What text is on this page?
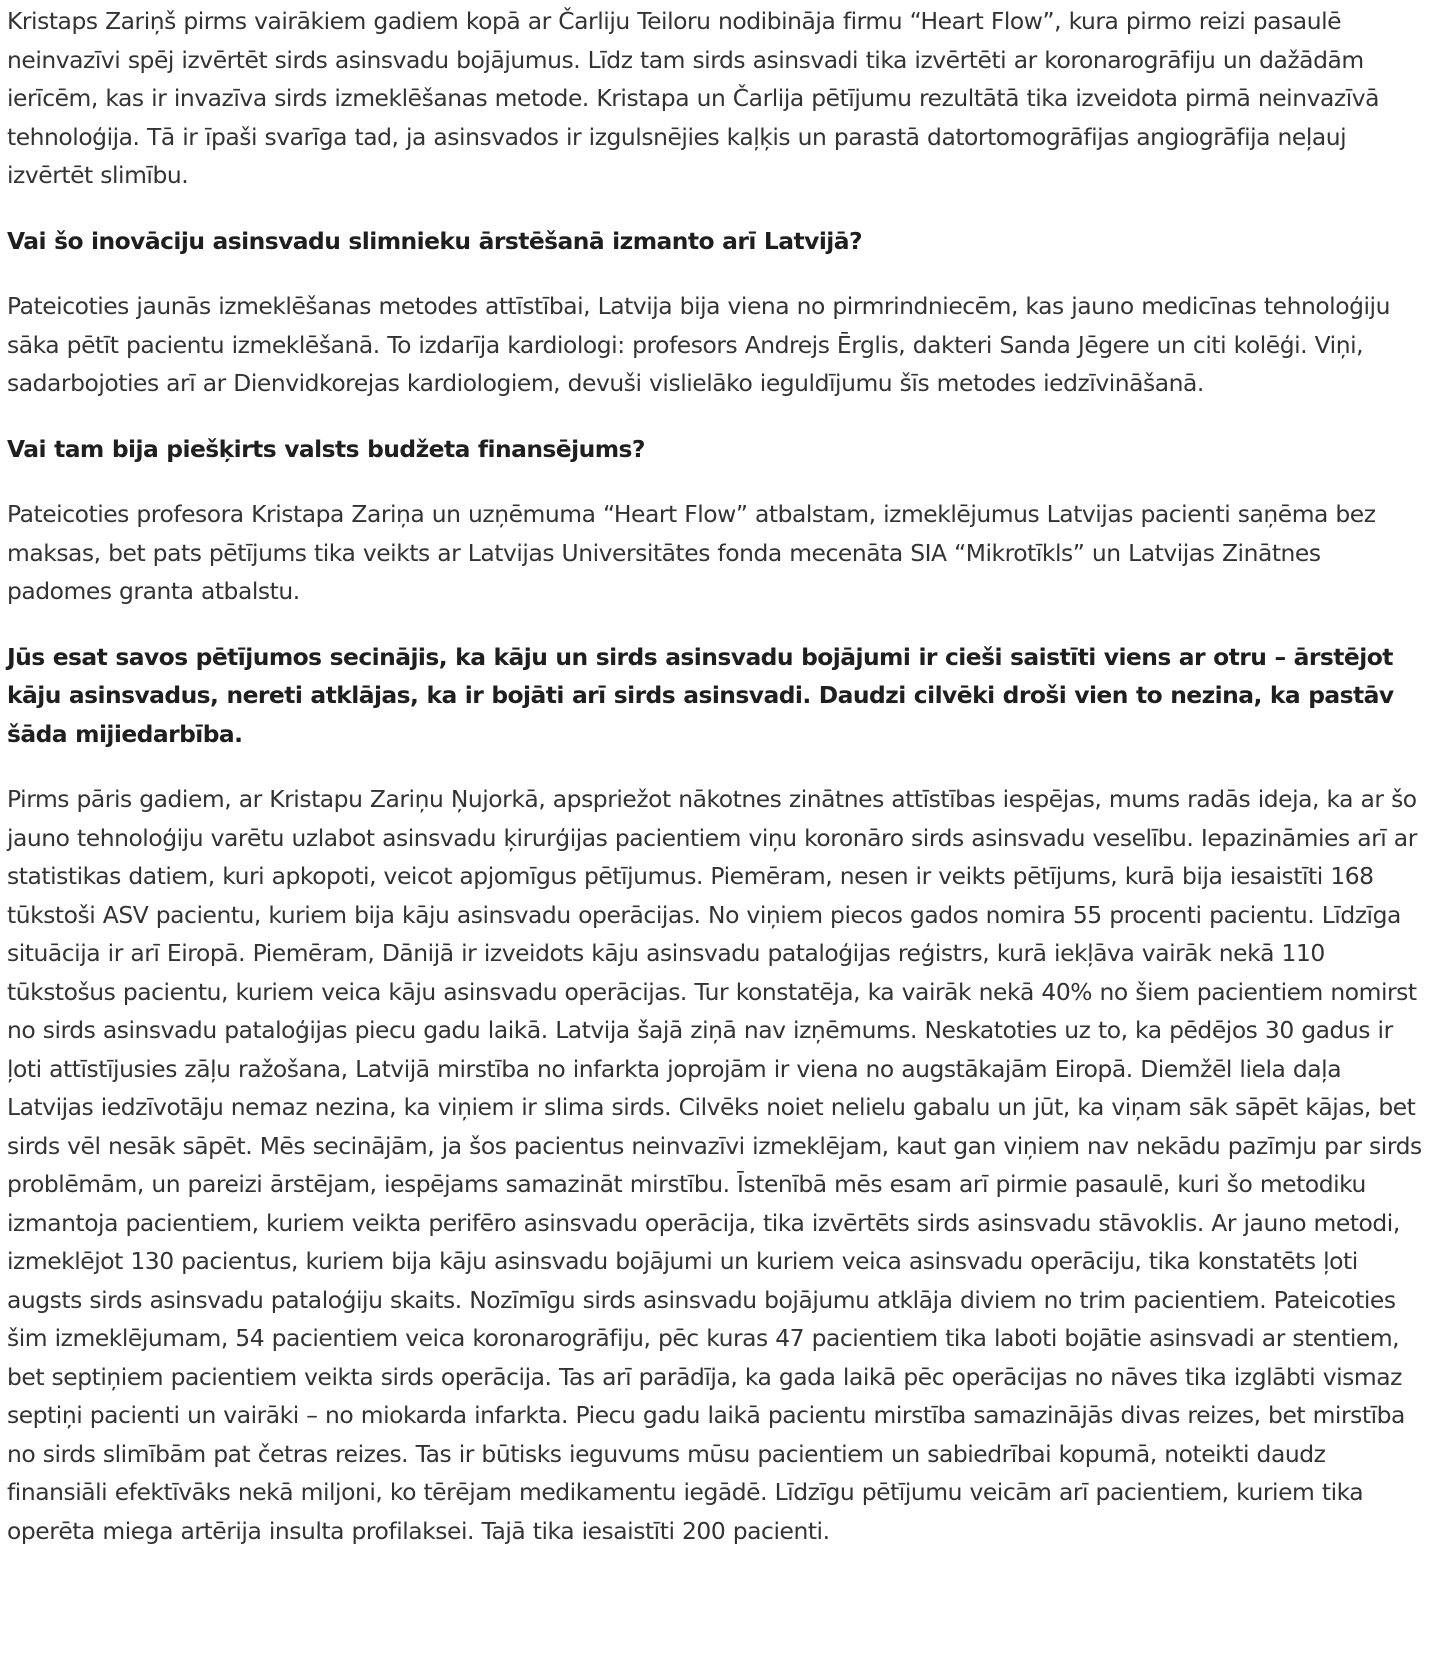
Kristaps Zariņš pirms vairākiem gadiem kopā ar Čarliju Teiloru nodibināja firmu “Heart Flow”, kura pirmo reizi pasaulē neinvazīvi spēj izvērtēt sirds asinsvadu bojājumus. Līdz tam sirds asinsvadi tika izvērtēti ar koronarogrāfiju un dažādām ierīcēm, kas ir invazīva sirds izmeklēšanas metode. Kristapa un Čarlija pētījumu rezultātā tika izveidota pirmā neinvazīvā tehnoloģija. Tā ir īpaši svarīga tad, ja asinsvados ir izgulsnējies kaļķis un parastā datortomogrāfijas angiogrāfija neļauj izvērtēt slimību.

Vai šo inovāciju asinsvadu slimnieku ārstēšanā izmanto arī Latvijā?

Pateicoties jaunās izmeklēšanas metodes attīstībai, Latvija bija viena no pirmrindniecēm, kas jauno medicīnas tehnoloģiju sāka pētīt pacientu izmeklēšanā. To izdarīja kardiologi: profesors Andrejs Ērglis, dakteri Sanda Jēgere un citi kolēģi. Viņi, sadarbojoties arī ar Dienvidkorejas kardiologiem, devuši vislielāko ieguldījumu šīs metodes iedzīvināšanā.

Vai tam bija piešķirts valsts budžeta finansējums?

Pateicoties profesora Kristapa Zariņa un uzņēmuma “Heart Flow” atbalstam, izmeklējumus Latvijas pacienti saņēma bez maksas, bet pats pētījums tika veikts ar Latvijas Universitātes fonda mecenāta SIA “Mikrotīkls” un Latvijas Zinātnes padomes granta atbalstu.

Jūs esat savos pētījumos secinājis, ka kāju un sirds asinsvadu bojājumi ir cieši saistīti viens ar otru – ārstējot kāju asinsvadus, nereti atklājas, ka ir bojāti arī sirds asinsvadi. Daudzi cilvēki droši vien to nezina, ka pastāv šāda mijiedarbība.

Pirms pāris gadiem, ar Kristapu Zariņu Ņujorkā, apspriežot nākotnes zinātnes attīstības iespējas, mums radās ideja, ka ar šo jauno tehnoloģiju varētu uzlabot asinsvadu ķirurģijas pacientiem viņu koronāro sirds asinsvadu veselību. Iepazināmies arī ar statistikas datiem, kuri apkopoti, veicot apjomīgus pētījumus. Piemēram, nesen ir veikts pētījums, kurā bija iesaistīti 168 tūkstoši ASV pacientu, kuriem bija kāju asinsvadu operācijas. No viņiem piecos gados nomira 55 procenti pacientu. Līdzīga situācija ir arī Eiropā. Piemēram, Dānijā ir izveidots kāju asinsvadu pataloģijas reģistrs, kurā iekļāva vairāk nekā 110 tūkstošus pacientu, kuriem veica kāju asinsvadu operācijas. Tur konstatēja, ka vairāk nekā 40% no šiem pacientiem nomirst no sirds asinsvadu pataloģijas piecu gadu laikā. Latvija šajā ziņā nav izņēmums. Neskatoties uz to, ka pēdējos 30 gadus ir ļoti attīstījusies zāļu ražošana, Latvijā mirstība no infarkta joprojām ir viena no augstākajām Eiropā. Diemžēl liela daļa Latvijas iedzīvotāju nemaz nezina, ka viņiem ir slima sirds. Cilvēks noiet nelielu gabalu un jūt, ka viņam sāk sāpēt kājas, bet sirds vēl nesāk sāpēt. Mēs secinājām, ja šos pacientus neinvazīvi izmeklējam, kaut gan viņiem nav nekādu pazīmju par sirds problēmām, un pareizi ārstējam, iespējams samazināt mirstību. Īstenībā mēs esam arī pirmie pasaulē, kuri šo metodiku izmantoja pacientiem, kuriem veikta perifēro asinsvadu operācija, tika izvērtēts sirds asinsvadu stāvoklis. Ar jauno metodi, izmeklējot 130 pacientus, kuriem bija kāju asinsvadu bojājumi un kuriem veica asinsvadu operāciju, tika konstatēts ļoti augsts sirds asinsvadu pataloģiju skaits. Nozīmīgu sirds asinsvadu bojājumu atklāja diviem no trim pacientiem. Pateicoties šim izmeklējumam, 54 pacientiem veica koronarogrāfiju, pēc kuras 47 pacientiem tika laboti bojātie asinsvadi ar stentiem, bet septiņiem pacientiem veikta sirds operācija. Tas arī parādīja, ka gada laikā pēc operācijas no nāves tika izglābti vismaz septiņi pacienti un vairāki – no miokarda infarkta. Piecu gadu laikā pacientu mirstība samazinājās divas reizes, bet mirstība no sirds slimībām pat četras reizes. Tas ir būtisks ieguvums mūsu pacientiem un sabiedrībai kopumā, noteikti daudz finansiāli efektīvāks nekā miljoni, ko tērējam medikamentu iegādē. Līdzīgu pētījumu veicām arī pacientiem, kuriem tika operēta miega artērija insulta profilaksei. Tajā tika iesaistīti 200 pacienti.
